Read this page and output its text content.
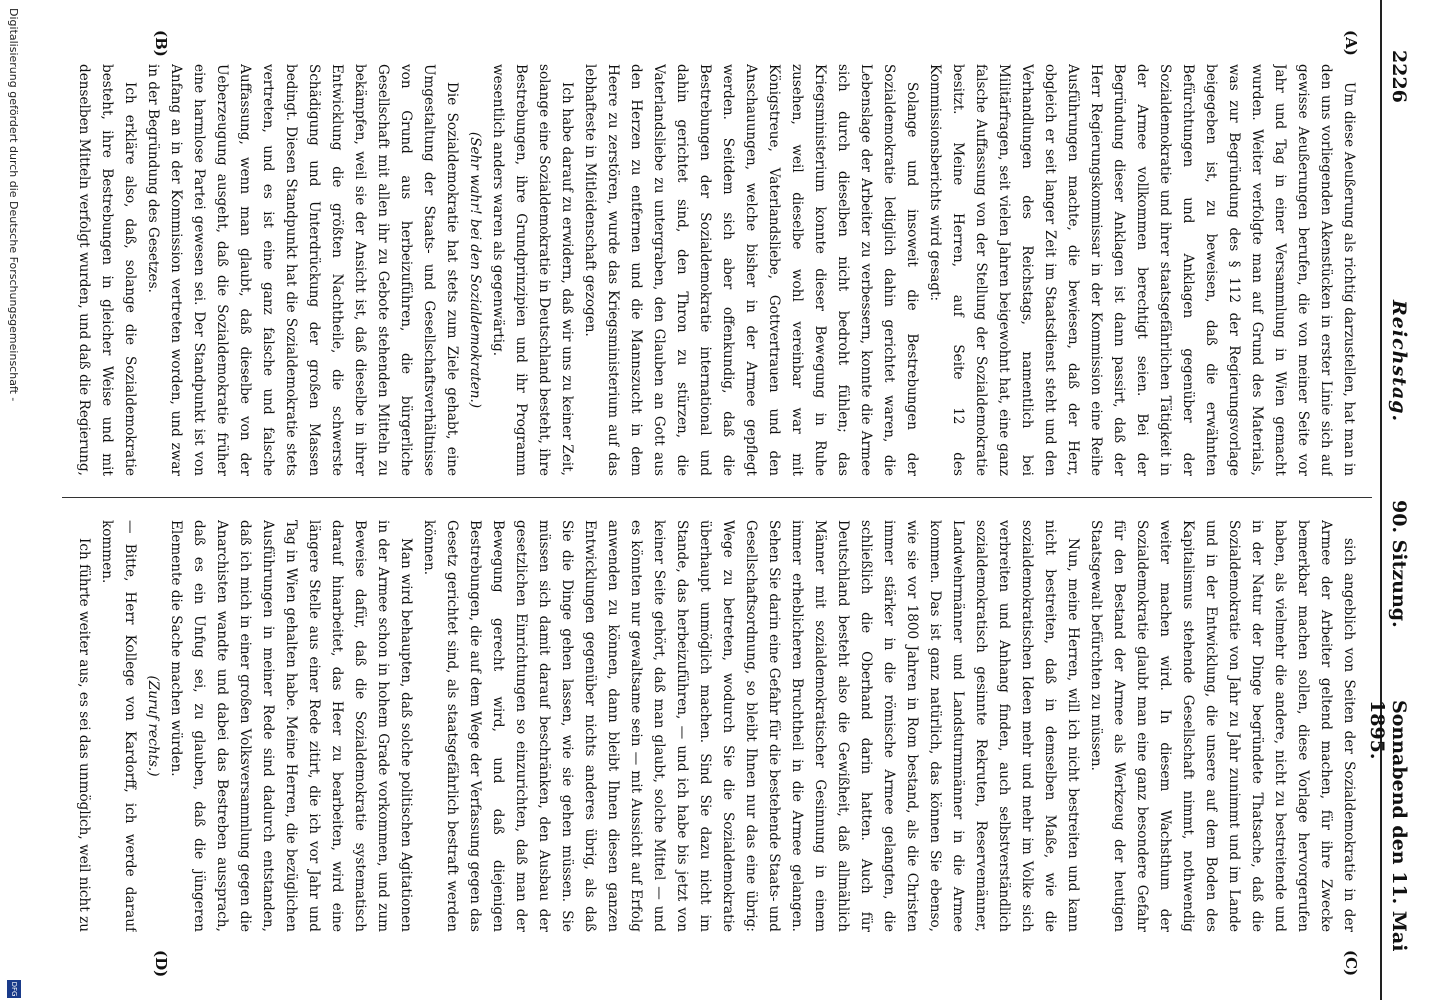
2226
Reichstag.
90. Sitzung.
Sonnabend den 11. Mai 1895.
(A)
(B)
(C)
(D)

Um diese Aeußerung als richtig darzustellen, hat man in den uns vorliegenden Akenstücken in erster Linie sich auf gewisse Aeußerungen berufen, die von meiner Seite vor Jahr und Tag in einer Versammlung in Wien gemacht wurden. Weiter verfolgte man auf Grund des Materials, was zur Begründung des § 112 der Regierungsvorlage beigegeben ist, zu beweisen, daß die erwähnten Befürchtungen und Anklagen gegenüber der Sozialdemokratie und ihrer staatsgefährlichen Tätigkeit in der Armee vollkommen berechtigt seien. Bei der Begründung dieser Anklagen ist dann passirt, daß der Herr Regierungskommissar in der Kommission eine Reihe Ausführungen machte, die bewiesen, daß der Herr, obgleich er seit langer Zeit im Staatsdienst steht und den Verhandlungen des Reichstags, namentlich bei Militärfragen, seit vielen Jahren beigewohnt hat, eine ganz falsche Auffassung von der Stellung der Sozialdemokratie besitzt. Meine Herren, auf Seite 12 des Kommissionsberichts wird gesagt:

Solange und insoweit die Bestrebungen der Sozialdemokratie lediglich dahin gerichtet waren, die Lebenslage der Arbeiter zu verbessern, konnte die Armee sich durch dieselben nicht bedroht fühlen; das Kriegsministerium konnte dieser Bewegung in Ruhe zusehen, weil dieselbe wohl vereinbar war mit Königstreue, Vaterlandsliebe, Gottvertrauen und den Anschauungen, welche bisher in der Armee gepflegt werden. Seitdem sich aber offenkundig, daß die Bestrebungen der Sozialdemokratie international und dahin gerichtet sind, den Thron zu stürzen, die Vaterlandsliebe zu untergraben, den Glauben an Gott aus den Herzen zu entfernen und die Mannszucht in dem Heere zu zerstören, wurde das Kriegsministerium auf das lebhafteste in Mitleidenschaft gezogen.

Ich habe darauf zu erwidern, daß wir uns zu keiner Zeit, solange eine Sozialdemokratie in Deutschland besteht, ihre Bestrebungen, ihre Grundprinzipien und ihr Programm wesentlich anders waren als gegenwärtig.

(Sehr wahr! bei den Sozialdemokraten.)

Die Sozialdemokratie hat stets zum Ziele gehabt, eine Umgestaltung der Staats- und Gesellschaftsverhältnisse von Grund aus herbeizuführen, die bürgerliche Gesellschaft mit allen ihr zu Gebote stehenden Mitteln zu bekämpfen, weil sie der Ansicht ist, daß dieselbe in ihrer Entwicklung die größten Nachtheile, die schwerste Schädigung und Unterdrückung der großen Massen bedingt. Diesen Standpunkt hat die Sozialdemokratie stets vertreten, und es ist eine ganz falsche und falsche Auffassung, wenn man glaubt, daß dieselbe von der Ueberzeugung ausgeht, daß die Sozialdemokratie früher eine harmlose Partei gewesen sei. Der Standpunkt ist von Anfang an in der Kommission vertreten worden, und zwar in der Begründung des Gesetzes.

Ich erkläre also, daß, solange die Sozialdemokratie besteht, ihre Bestrebungen in gleicher Weise und mit denselben Mitteln verfolgt wurden, und daß die Regierung,

sich angeblich von Seiten der Sozialdemokratie in der Armee der Arbeiter geltend machen, für ihre Zwecke bemerkbar machen sollen, diese Vorlage hervorgerufen haben, als vielmehr die andere, nicht zu bestreitende und in der Natur der Dinge begründete Thatsache, daß die Sozialdemokratie von Jahr zu Jahr zunimmt und im Lande und in der Entwicklung, die unsere auf dem Boden des Kapitalismus stehende Gesellschaft nimmt, nothwendig weiter machen wird. In diesem Wachsthum der Sozialdemokratie glaubt man eine ganz besondere Gefahr für den Bestand der Armee als Werkzeug der heutigen Staatsgewalt befürchten zu müssen.

Nun, meine Herren, will ich nicht bestreiten und kann nicht bestreiten, daß in demselben Maße, wie die sozialdemokratischen Ideen mehr und mehr im Volke sich verbreiten und Anhang finden, auch selbstverständlich sozialdemokratisch gesinnte Rekruten, Reservemänner, Landwehrmänner und Landsturmmänner in die Armee kommen. Das ist ganz natürlich, das können Sie ebenso, wie sie vor 1800 Jahren in Rom bestand, als die Christen immer stärker in die römische Armee gelangten, die schließlich die Oberhand darin hatten. Auch für Deutschland besteht also die Gewißheit, daß allmählich Männer mit sozialdemokratischer Gesinnung in einem immer erheblicheren Bruchtheil in die Armee gelangen. Sehen Sie darin eine Gefahr für die bestehende Staats- und Gesellschaftsordnung, so bleibt Ihnen nur das eine übrig: Wege zu betreten, wodurch Sie die Sozialdemokratie überhaupt unmöglich machen. Sind Sie dazu nicht im Stande, das herbeizuführen, — und ich habe bis jetzt von keiner Seite gehört, daß man glaubt, solche Mittel — und es könnten nur gewaltsame sein — mit Aussicht auf Erfolg anwenden zu können, dann bleibt Ihnen diesen ganzen Entwicklungen gegenüber nichts anderes übrig, als daß Sie die Dinge gehen lassen, wie sie gehen müssen. Sie müssen sich damit darauf beschränken, den Ausbau der gesetzlichen Einrichtungen so einzurichten, daß man der Bewegung gerecht wird, und daß diejenigen Bestrebungen, die auf dem Wege der Verfassung gegen das Gesetz gerichtet sind, als staatsgefährlich bestraft werden können.

Man wird behaupten, daß solche politischen Agitationen in der Armee schon in hohem Grade vorkommen, und zum Beweise dafür, daß die Sozialdemokratie systematisch darauf hinarbeitet, das Heer zu bearbeiten, wird eine längere Stelle aus einer Rede zitirt, die ich vor Jahr und Tag in Wien gehalten habe. Meine Herren, die bezüglichen Ausführungen in meiner Rede sind dadurch entstanden, daß ich mich in einer großen Volksversammlung gegen die Anarchisten wandte und dabei das Bestreben aussprach, daß es ein Unfug sei, zu glauben, daß die jüngeren Elemente die Sache machen würden.

(Zuruf rechts.)

— Bitte, Herr Kollege von Kardorff, ich werde darauf kommen.

Ich führte weiter aus, es sei das unmöglich, weil nicht zu

Digitalisierung gefördert durch die Deutsche Forschungsgemeinschaft -
DFG
